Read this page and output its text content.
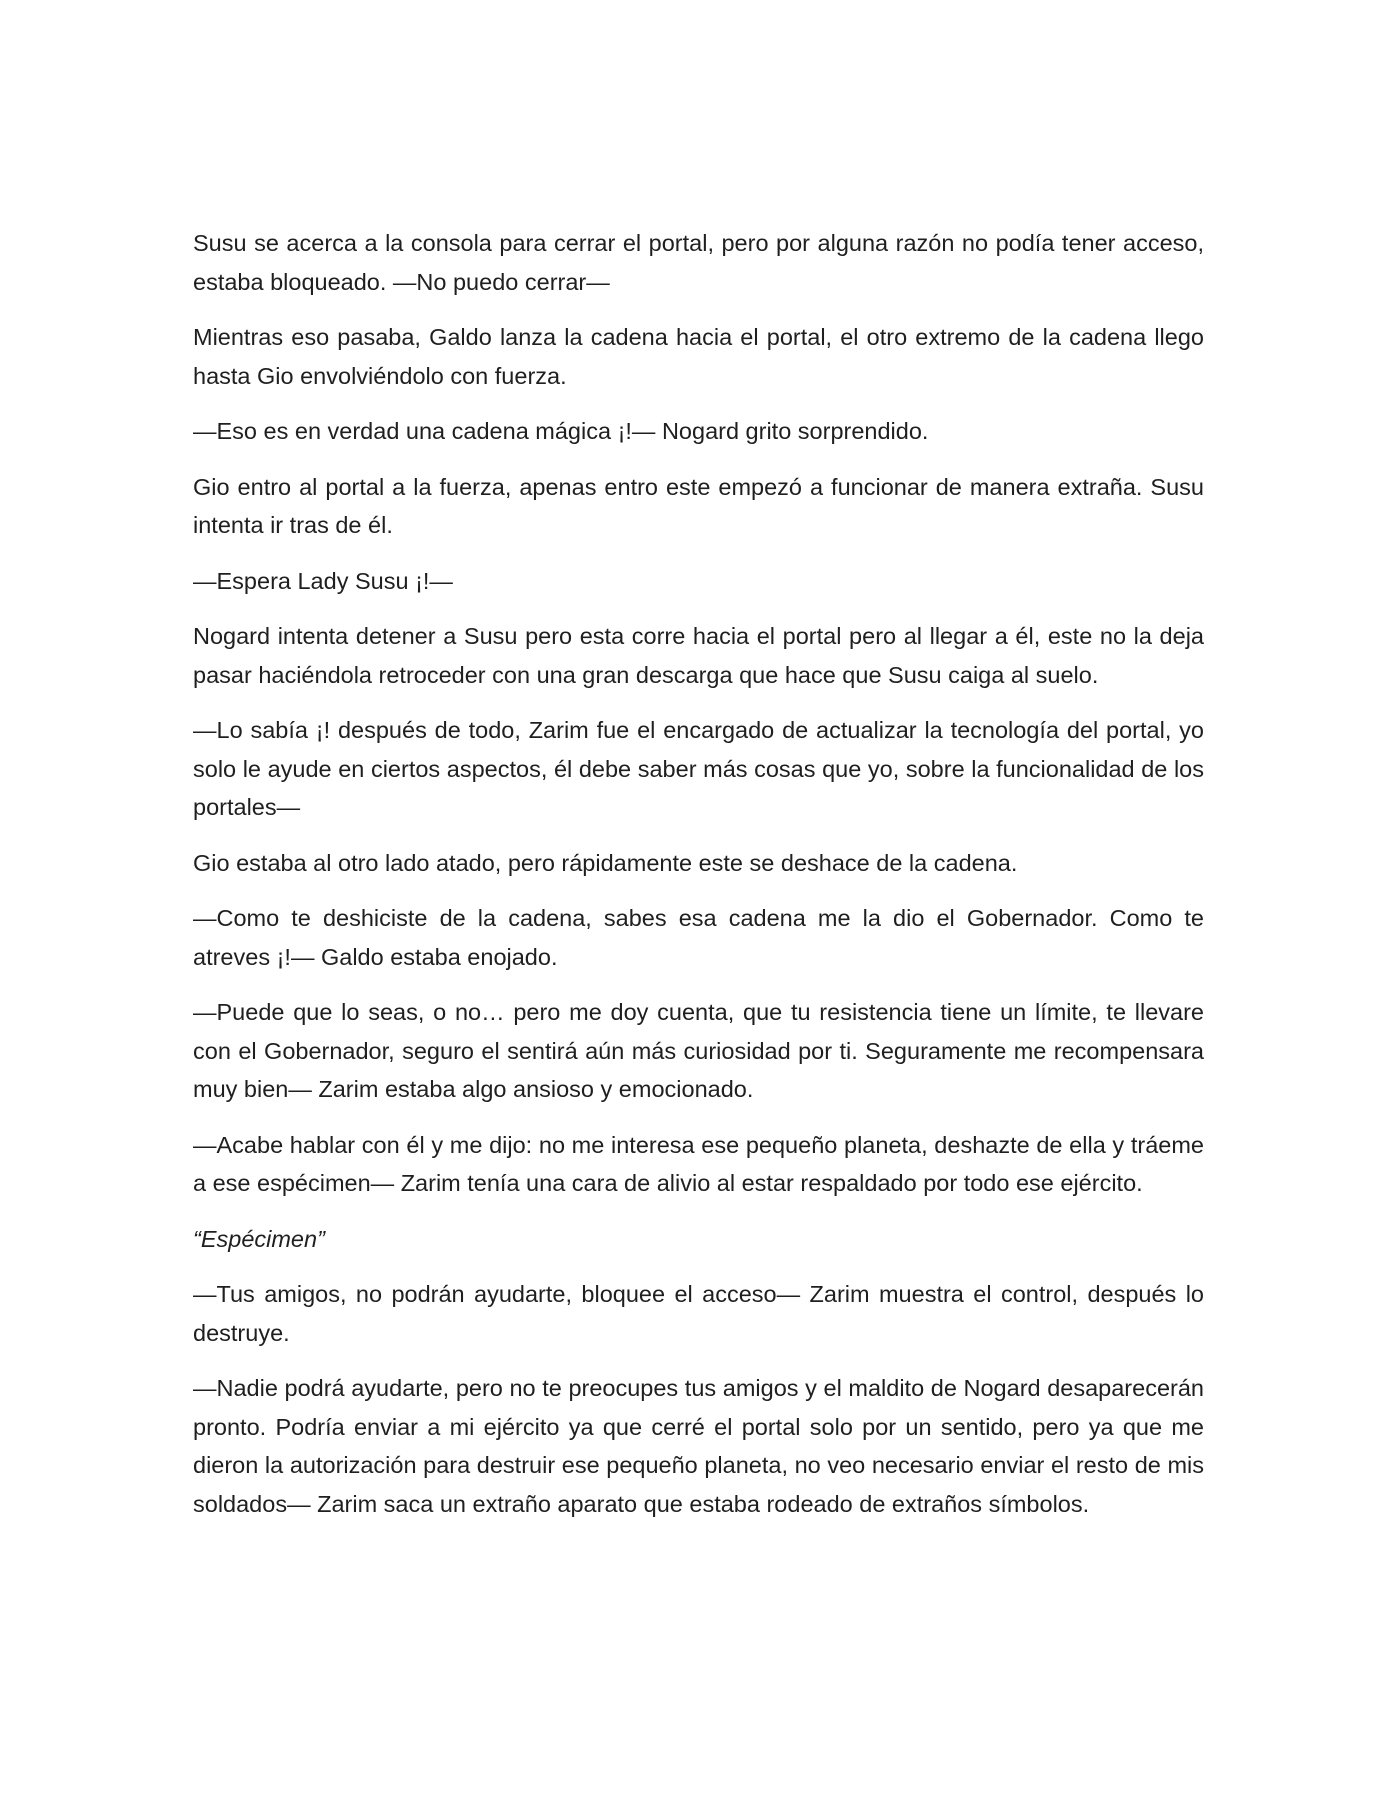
Susu se acerca a la consola para cerrar el portal, pero por alguna razón no podía tener acceso, estaba bloqueado. —No puedo cerrar—

Mientras eso pasaba, Galdo lanza la cadena hacia el portal, el otro extremo de la cadena llego hasta Gio envolviéndolo con fuerza.

—Eso es en verdad una cadena mágica ¡!— Nogard grito sorprendido.

Gio entro al portal a la fuerza, apenas entro este empezó a funcionar de manera extraña. Susu intenta ir tras de él.

—Espera Lady Susu ¡!—

Nogard intenta detener a Susu pero esta corre hacia el portal pero al llegar a él, este no la deja pasar haciéndola retroceder con una gran descarga que hace que Susu caiga al suelo.

—Lo sabía ¡! después de todo, Zarim fue el encargado de actualizar la tecnología del portal, yo solo le ayude en ciertos aspectos, él debe saber más cosas que yo, sobre la funcionalidad de los portales—

Gio estaba al otro lado atado, pero rápidamente este se deshace de la cadena.

—Como te deshiciste de la cadena, sabes esa cadena me la dio el Gobernador. Como te atreves ¡!— Galdo estaba enojado.

—Puede que lo seas, o no… pero me doy cuenta, que tu resistencia tiene un límite, te llevare con el Gobernador, seguro el sentirá aún más curiosidad por ti. Seguramente me recompensara muy bien— Zarim estaba algo ansioso y emocionado.

—Acabe hablar con él y me dijo: no me interesa ese pequeño planeta, deshazte de ella y tráeme a ese espécimen— Zarim tenía una cara de alivio al estar respaldado por todo ese ejército.

“Espécimen”

—Tus amigos, no podrán ayudarte, bloquee el acceso— Zarim muestra el control, después lo destruye.

—Nadie podrá ayudarte, pero no te preocupes tus amigos y el maldito de Nogard desaparecerán pronto. Podría enviar a mi ejército ya que cerré el portal solo por un sentido, pero ya que me dieron la autorización para destruir ese pequeño planeta, no veo necesario enviar el resto de mis soldados— Zarim saca un extraño aparato que estaba rodeado de extraños símbolos.
